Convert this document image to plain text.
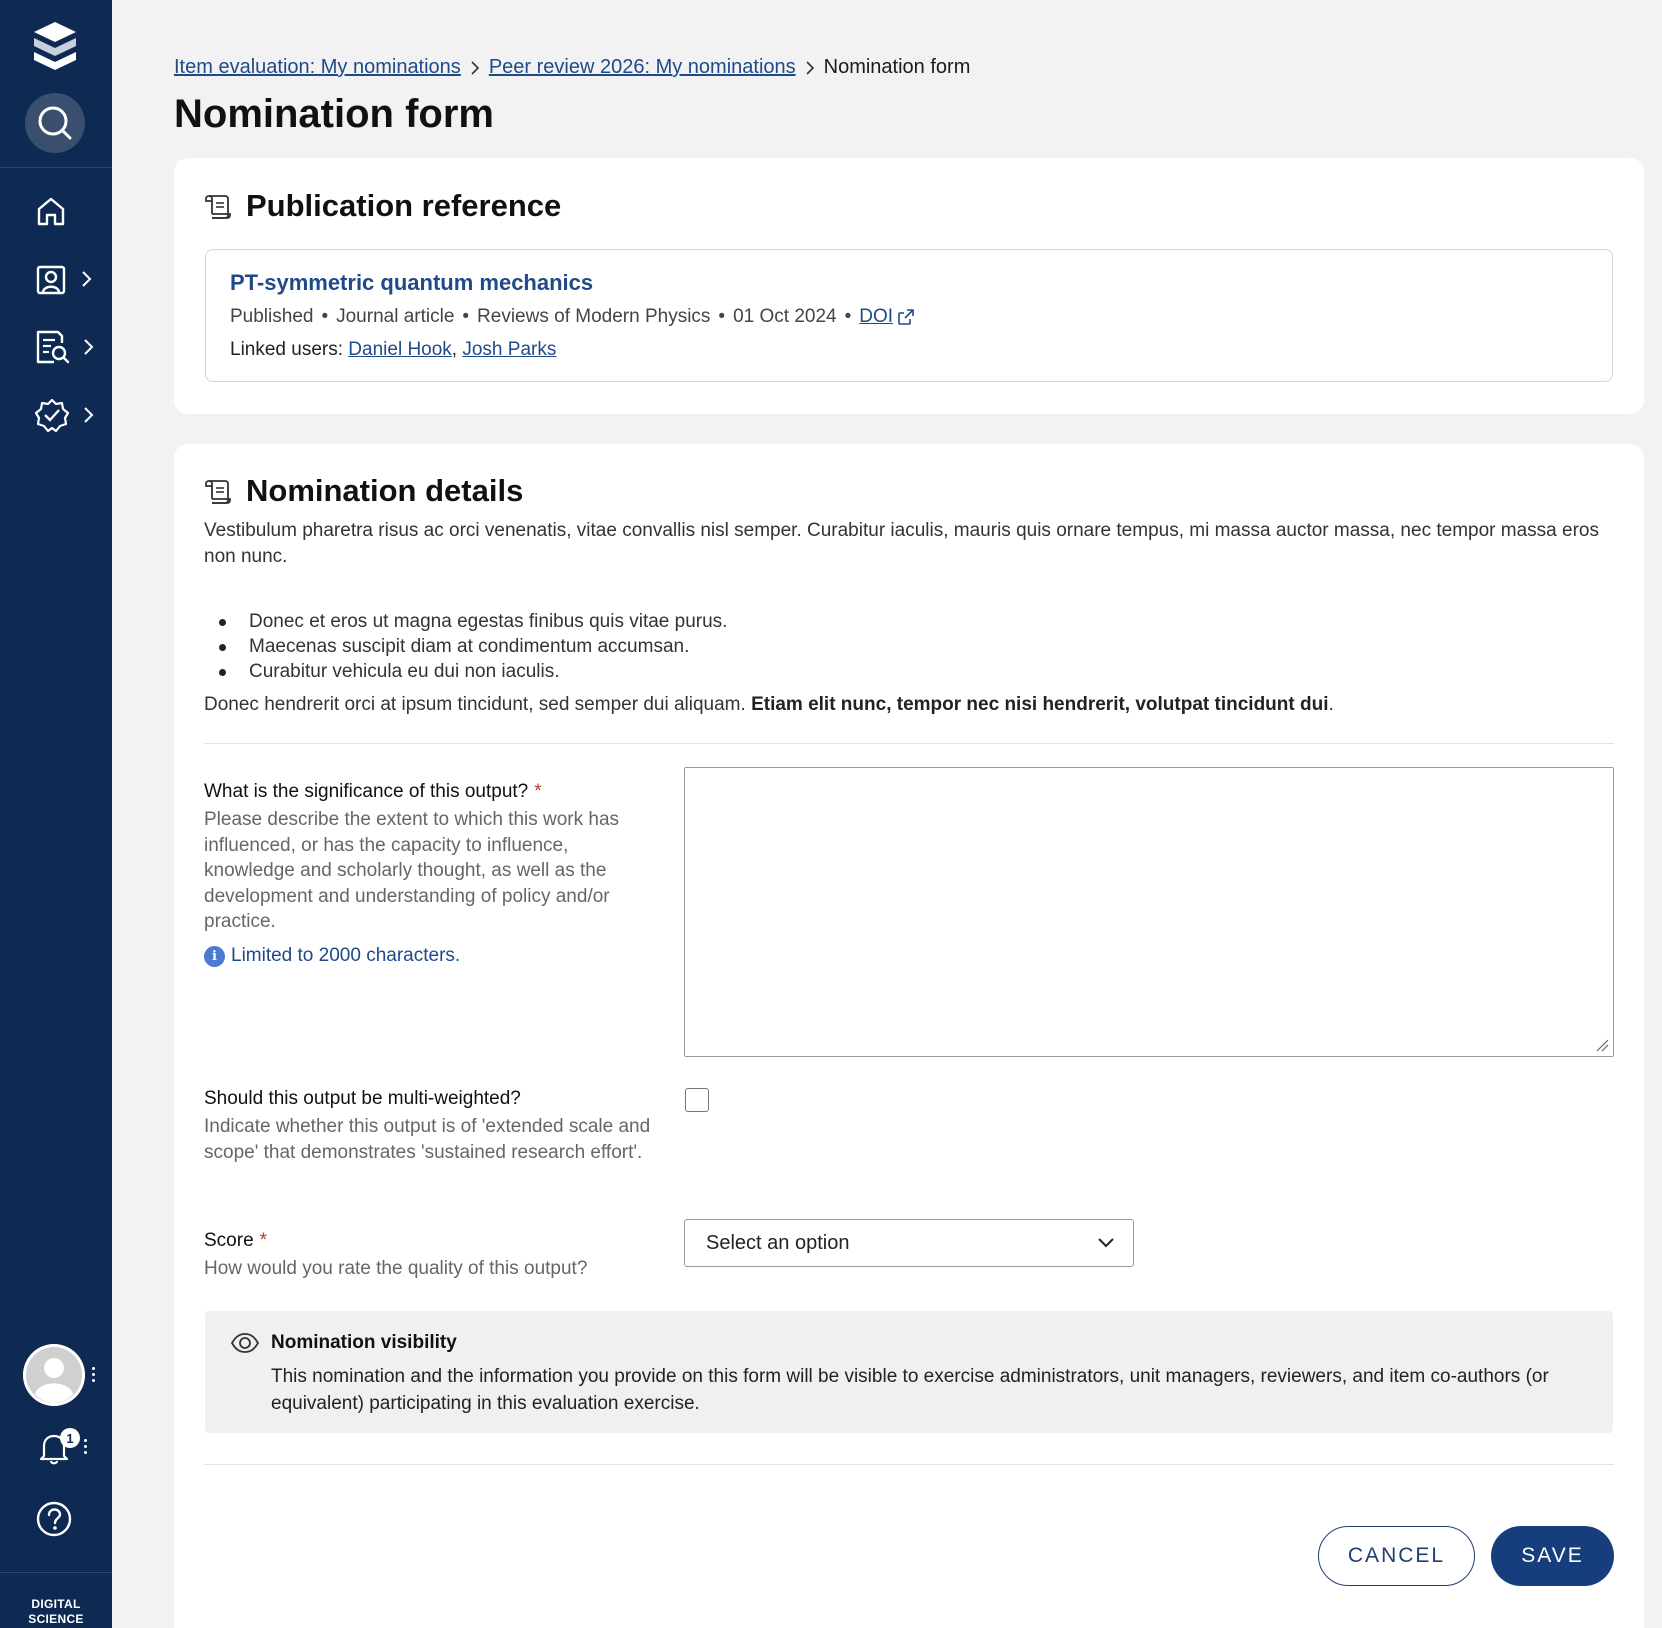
1
DIGITAL
SCIENCE
Item evaluation: My nominations Peer review 2026: My nominations Nomination form
Nomination form
Publication reference
PT-symmetric quantum mechanics
Published • Journal article • Reviews of Modern Physics • 01 Oct 2024 • DOI
Linked users: Daniel Hook, Josh Parks
Nomination details

Vestibulum pharetra risus ac orci venenatis, vitae convallis nisl semper. Curabitur iaculis, mauris quis ornare tempus, mi massa auctor massa, nec tempor massa eros non nunc.

Donec et eros ut magna egestas finibus quis vitae purus.
Maecenas suscipit diam at condimentum accumsan.
Curabitur vehicula eu dui non iaculis.

Donec hendrerit orci at ipsum tincidunt, sed semper dui aliquam. Etiam elit nunc, tempor nec nisi hendrerit, volutpat tincidunt dui.

What is the significance of this output? *

Please describe the extent to which this work has influenced, or has the capacity to influence, knowledge and scholarly thought, as well as the development and understanding of policy and/or practice.

i Limited to 2000 characters.
Should this output be multi-weighted?

Indicate whether this output is of 'extended scale and scope' that demonstrates 'sustained research effort'.

Score *

How would you rate the quality of this output?

Select an option
Nomination visibility

This nomination and the information you provide on this form will be visible to exercise administrators, unit managers, reviewers, and item co-authors (or equivalent) participating in this evaluation exercise.

CANCEL	SAVE
